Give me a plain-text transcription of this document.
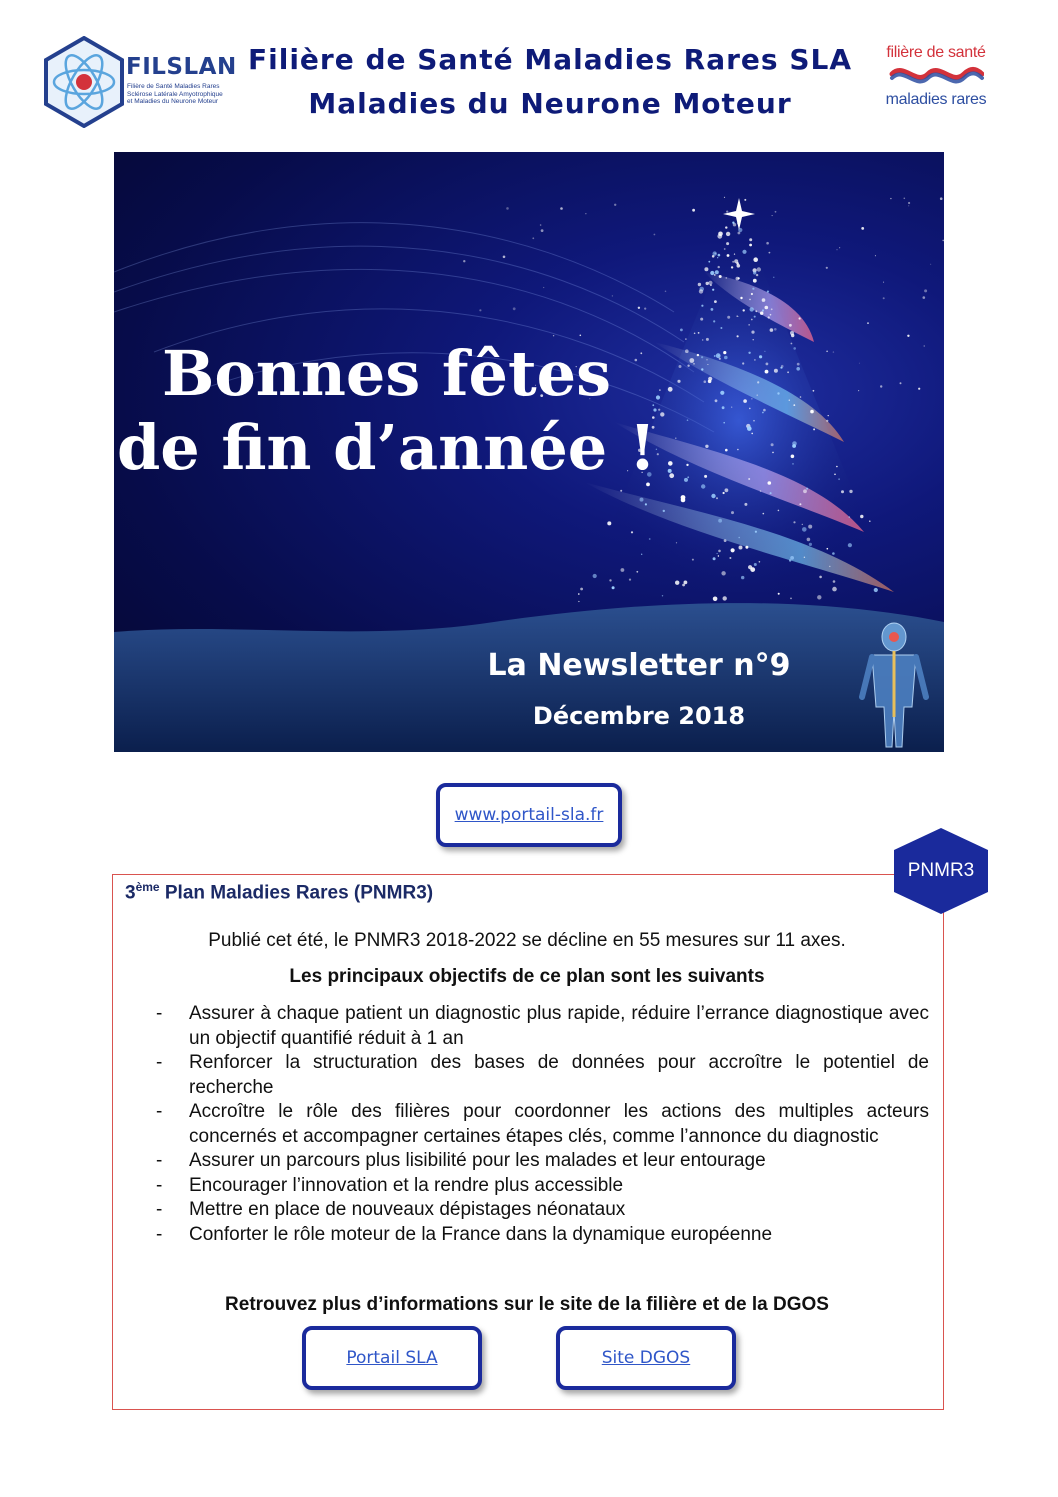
FILSLAN
Filière de Santé Maladies Rares
Sclérose Latérale Amyotrophique
et Maladies du Neurone Moteur
Filière de Santé Maladies Rares SLA
Maladies du Neurone Moteur
filière de santé
maladies rares
Bonnes fêtes
de fin d’année !
La Newsletter n°9
Décembre 2018
www.portail-sla.fr
PNMR3
3ème Plan Maladies Rares (PNMR3)
Publié cet été, le PNMR3 2018-2022 se décline en 55 mesures sur 11 axes.
Les principaux objectifs de ce plan sont les suivants
- Assurer à chaque patient un diagnostic plus rapide, réduire l’errance diagnostique avec un objectif quantifié réduit à 1 an
- Renforcer la structuration des bases de données pour accroître le potentiel de recherche
- Accroître le rôle des filières pour coordonner les actions des multiples acteurs concernés et accompagner certaines étapes clés, comme l’annonce du diagnostic
- Assurer un parcours plus lisibilité pour les malades et leur entourage
- Encourager l’innovation et la rendre plus accessible
- Mettre en place de nouveaux dépistages néonataux
- Conforter le rôle moteur de la France dans la dynamique européenne
Retrouvez plus d’informations sur le site de la filière et de la DGOS
Portail SLA	Site DGOS
